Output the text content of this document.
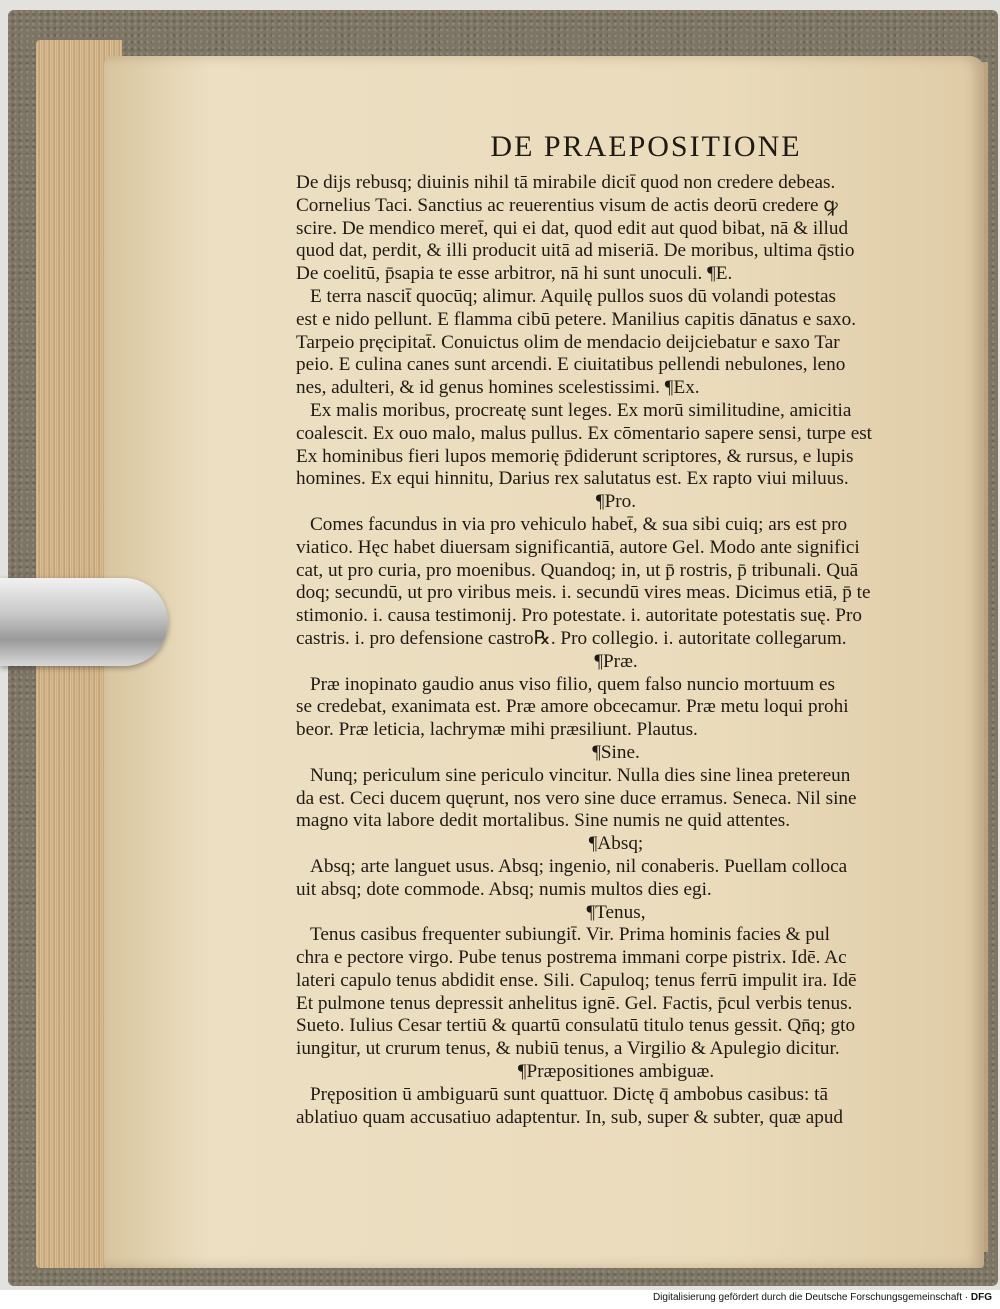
DE PRAEPOSITIONE
De dijs rebusq; diuinis nihil tā mirabile dicit̄ quod non credere debeas.
Cornelius Taci. Sanctius ac reuerentius visum de actis deorū credere ꝙ
scire. De mendico meret̄, qui ei dat, quod edit aut quod bibat, nā & illud
quod dat, perdit, & illi producit uitā ad miseriā. De moribus, ultima q̄stio
De coelitū, p̄sapia te esse arbitror, nā hi sunt unoculi. ¶E.
E terra nascit̄ quocūq; alimur. Aquilę pullos suos dū volandi potestas
est e nido pellunt. E flamma cibū petere. Manilius capitis dānatus e saxo.
Tarpeio pręcipitat̄. Conuictus olim de mendacio deijciebatur e saxo Tar
peio. E culina canes sunt arcendi. E ciuitatibus pellendi nebulones, leno
nes, adulteri, & id genus homines scelestissimi. ¶Ex.
Ex malis moribus, procreatę sunt leges. Ex morū similitudine, amicitia
coalescit. Ex ouo malo, malus pullus. Ex cōmentario sapere sensi, turpe est
Ex hominibus fieri lupos memorię p̄diderunt scriptores, & rursus, e lupis
homines. Ex equi hinnitu, Darius rex salutatus est. Ex rapto viui miluus.
¶Pro.
Comes facundus in via pro vehiculo habet̄, & sua sibi cuiq; ars est pro
viatico. Hęc habet diuersam significantiā, autore Gel. Modo ante significi
cat, ut pro curia, pro moenibus. Quandoq; in, ut p̄ rostris, p̄ tribunali. Quā
doq; secundū, ut pro viribus meis. i. secundū vires meas. Dicimus etiā, p̄ te
stimonio. i. causa testimonij. Pro potestate. i. autoritate potestatis suę. Pro
castris. i. pro defensione castro℞. Pro collegio. i. autoritate collegarum.
¶Præ.
Præ inopinato gaudio anus viso filio, quem falso nuncio mortuum es
se credebat, exanimata est. Præ amore obcecamur. Præ metu loqui prohi
beor. Præ leticia, lachrymæ mihi præsiliunt. Plautus.
¶Sine.
Nunq; periculum sine periculo vincitur. Nulla dies sine linea pretereun
da est. Ceci ducem quęrunt, nos vero sine duce erramus. Seneca. Nil sine
magno vita labore dedit mortalibus. Sine numis ne quid attentes.
¶Absq;
Absq; arte languet usus. Absq; ingenio, nil conaberis. Puellam colloca
uit absq; dote commode. Absq; numis multos dies egi.
¶Tenus,
Tenus casibus frequenter subiungit̄. Vir. Prima hominis facies & pul
chra e pectore virgo. Pube tenus postrema immani corpe pistrix. Idē. Ac
lateri capulo tenus abdidit ense. Sili. Capuloq; tenus ferrū impulit ira. Idē
Et pulmone tenus depressit anhelitus ignē. Gel. Factis, p̄cul verbis tenus.
Sueto. Iulius Cesar tertiū & quartū consulatū titulo tenus gessit. Qn̄q; gto
iungitur, ut crurum tenus, & nubiū tenus, a Virgilio & Apulegio dicitur.
¶Præpositiones ambiguæ.
Pręposition ū ambiguarū sunt quattuor. Dictę q̄ ambobus casibus: tā
ablatiuo quam accusatiuo adaptentur. In, sub, super & subter, quæ apud
Digitalisierung gefördert durch die Deutsche Forschungsgemeinschaft · DFG
